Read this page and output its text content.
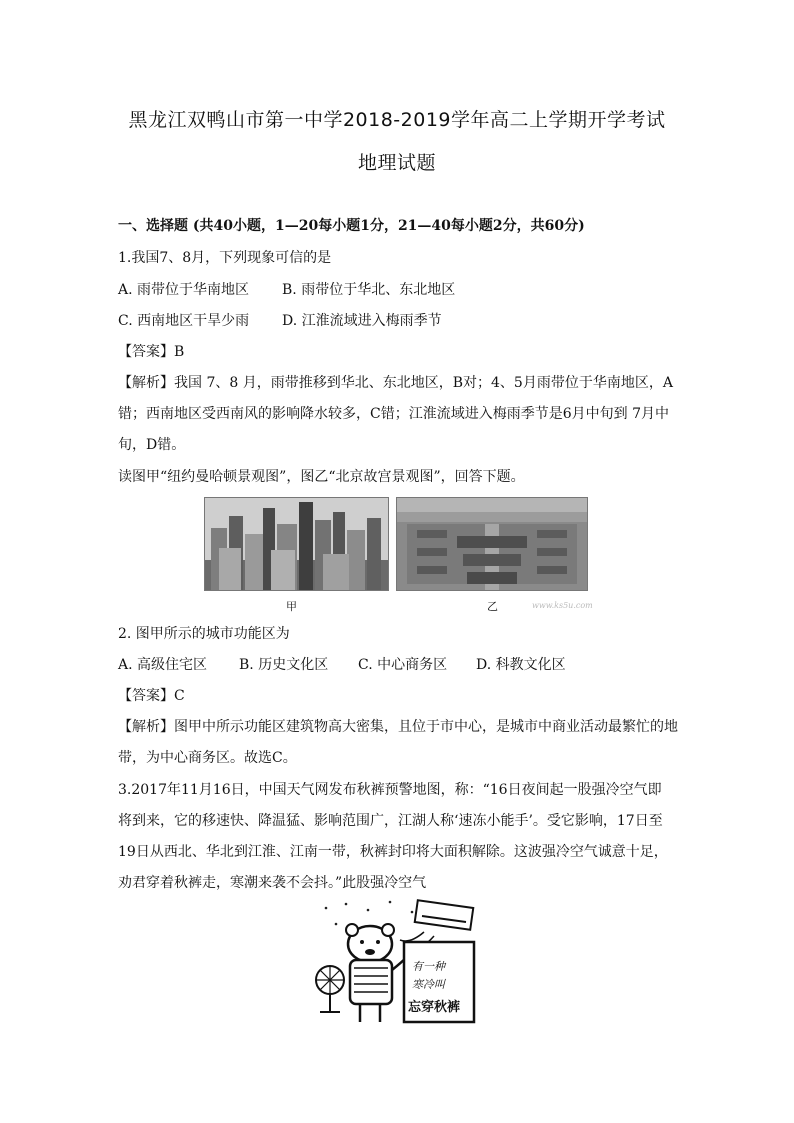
黑龙江双鸭山市第一中学2018-2019学年高二上学期开学考试
地理试题
一、选择题 (共40小题，1—20每小题1分，21—40每小题2分，共60分)
1.我国7、8月，下列现象可信的是
A. 雨带位于华南地区 B. 雨带位于华北、东北地区
C. 西南地区干旱少雨 D. 江淮流域进入梅雨季节
【答案】B
【解析】我国 7、8 月，雨带推移到华北、东北地区，B对；4、5月雨带位于华南地区，A
错；西南地区受西南风的影响降水较多，C错；江淮流域进入梅雨季节是6月中旬到 7月中
旬，D错。
读图甲“纽约曼哈顿景观图”，图乙“北京故宫景观图”，回答下题。
甲	乙	www.ks5u.com
2. 图甲所示的城市功能区为
A. 高级住宅区 B. 历史文化区 C. 中心商务区 D. 科教文化区
【答案】C
【解析】图甲中所示功能区建筑物高大密集，且位于市中心，是城市中商业活动最繁忙的地
带，为中心商务区。故选C。
3.2017年11月16日，中国天气网发布秋裤预警地图，称：“16日夜间起一股强冷空气即
将到来，它的移速快、降温猛、影响范围广，江湖人称‘速冻小能手’。受它影响，17日至
19日从西北、华北到江淮、江南一带，秋裤封印将大面积解除。这波强冷空气诚意十足，
劝君穿着秋裤走，寒潮来袭不会抖。”此股强冷空气
有一种
寒冷叫
忘穿秋裤
